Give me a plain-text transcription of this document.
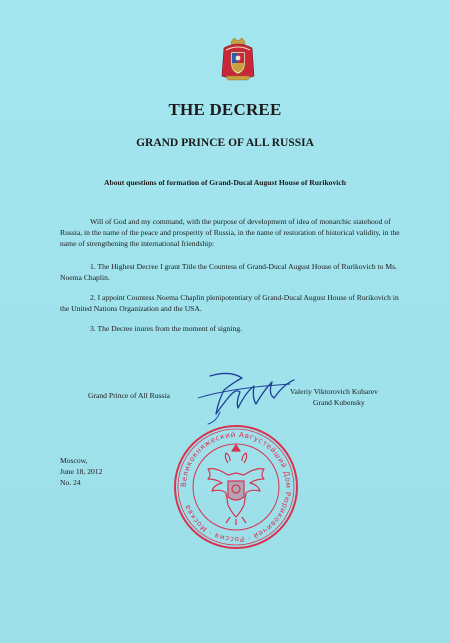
THE DECREE
GRAND PRINCE OF ALL RUSSIA
About questions of formation of Grand-Ducal August House of Rurikovich
Will of God and my command, with the purpose of development of idea of monarchic statehood of Russia, in the name of the peace and prosperity of Russia, in the name of restoration of historical validity, in the name of strengthening the international friendship:
1. The Highest Decree I grant Title the Countess of Grand-Ducal August House of Rurikovich to Ms. Noema Chaplin.
2. I appoint Countess Noema Chaplin plenipotentiary of Grand-Ducal August House of Rurikovich in the United Nations Organization and the USA.
3. The Decree inures from the moment of signing.
Grand Prince of All Russia	Valeriy Viktorovich Kubarev
Grand Kubensky
Moscow,
June 18, 2012
No. 24	Великокняжеский Августейший Дом Рюриковичей · Россия · Москва
